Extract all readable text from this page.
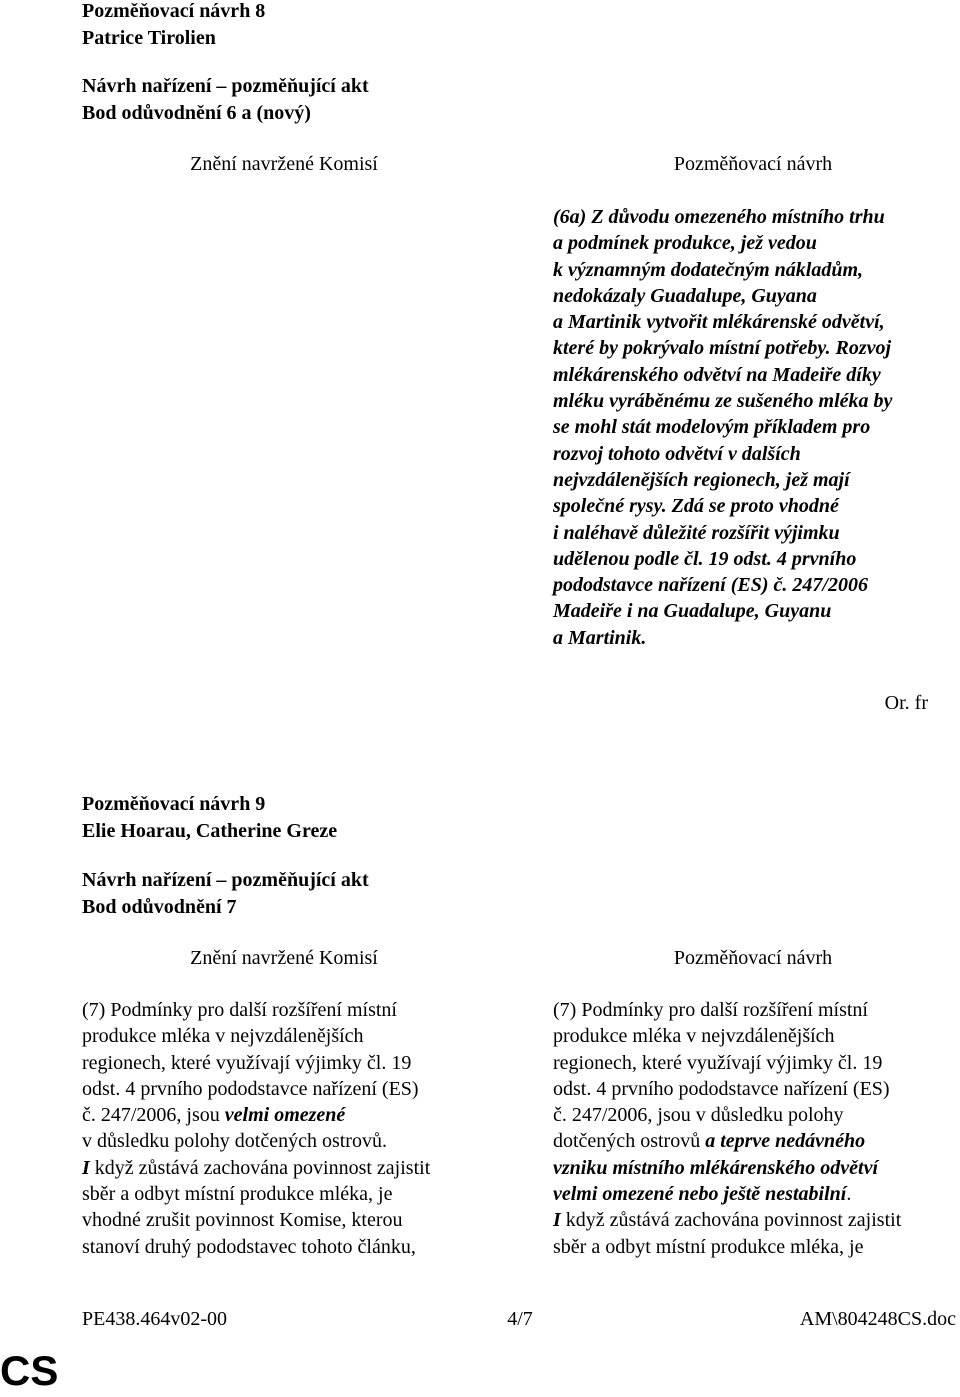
Pozměňovací návrh 8
Patrice Tirolien
Návrh nařízení – pozměňující akt
Bod odůvodnění 6 a (nový)
Znění navržené Komisí	Pozměňovací návrh
(6a) Z důvodu omezeného místního trhu
a podmínek produkce, jež vedou
k významným dodatečným nákladům,
nedokázaly Guadalupe, Guyana
a Martinik vytvořit mlékárenské odvětví,
které by pokrývalo místní potřeby. Rozvoj
mlékárenského odvětví na Madeiře díky
mléku vyráběnému ze sušeného mléka by
se mohl stát modelovým příkladem pro
rozvoj tohoto odvětví v dalších
nejvzdálenějších regionech, jež mají
společné rysy. Zdá se proto vhodné
i naléhavě důležité rozšířit výjimku
udělenou podle čl. 19 odst. 4 prvního
pododstavce nařízení (ES) č. 247/2006
Madeiře i na Guadalupe, Guyanu
a Martinik.
Or. fr
Pozměňovací návrh 9
Elie Hoarau, Catherine Greze
Návrh nařízení – pozměňující akt
Bod odůvodnění 7
Znění navržené Komisí	Pozměňovací návrh
(7) Podmínky pro další rozšíření místní
produkce mléka v nejvzdálenějších
regionech, které využívají výjimky čl. 19
odst. 4 prvního pododstavce nařízení (ES)
č. 247/2006, jsou velmi omezené
v důsledku polohy dotčených ostrovů.
I když zůstává zachována povinnost zajistit
sběr a odbyt místní produkce mléka, je
vhodné zrušit povinnost Komise, kterou
stanoví druhý pododstavec tohoto článku,
(7) Podmínky pro další rozšíření místní
produkce mléka v nejvzdálenějších
regionech, které využívají výjimky čl. 19
odst. 4 prvního pododstavce nařízení (ES)
č. 247/2006, jsou v důsledku polohy
dotčených ostrovů a teprve nedávného
vzniku místního mlékárenského odvětví
velmi omezené nebo ještě nestabilní.
I když zůstává zachována povinnost zajistit
sběr a odbyt místní produkce mléka, je
PE438.464v02-00	4/7	AM\804248CS.doc
CS
